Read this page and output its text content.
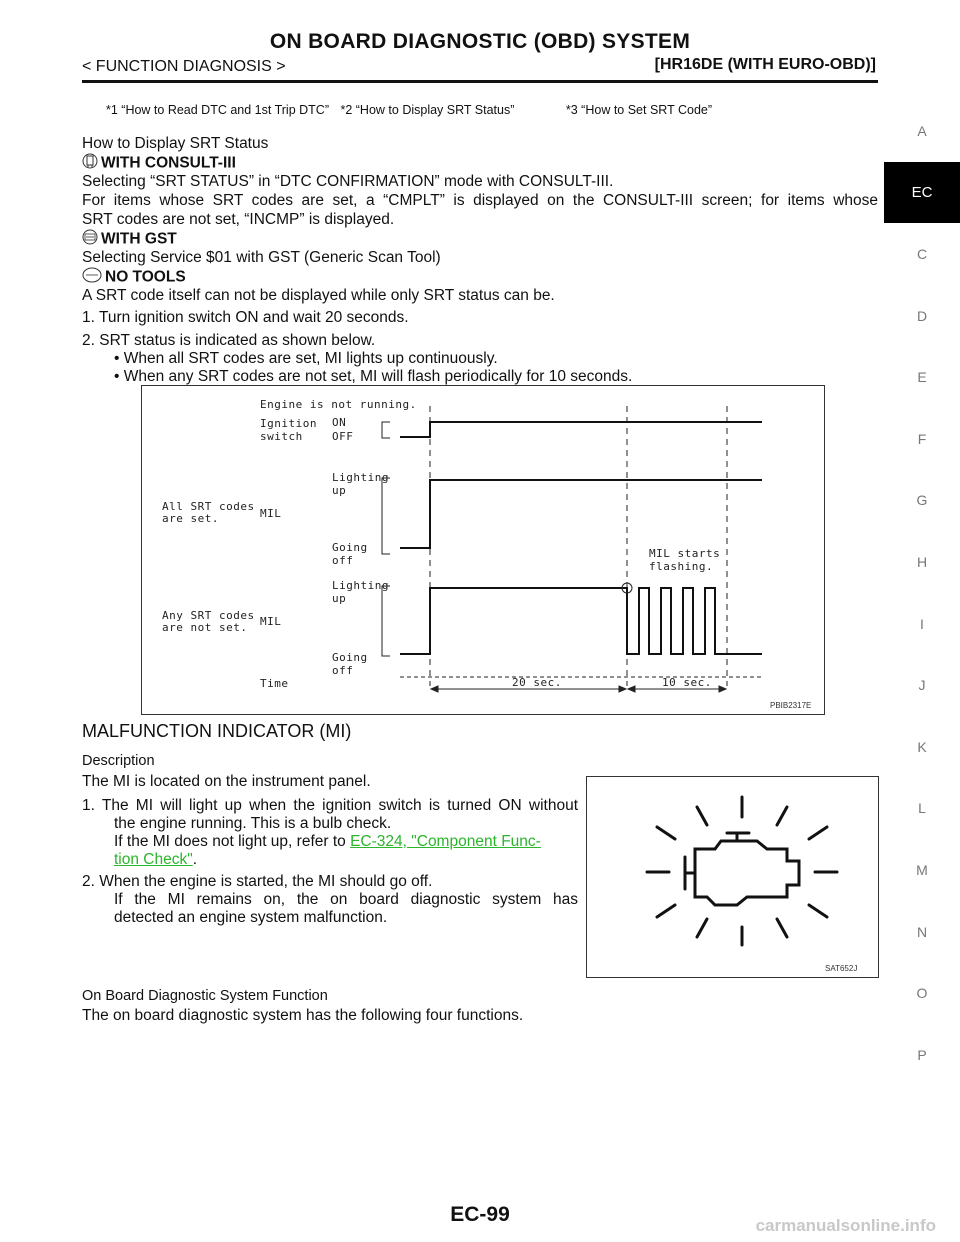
ON BOARD DIAGNOSTIC (OBD) SYSTEM
< FUNCTION DIAGNOSIS >	[HR16DE (WITH EURO-OBD)]
*1 “How to Read DTC and 1st Trip DTC” *2 “How to Display SRT Status”	*3 “How to Set SRT Code”
A
EC
C
D
E
F
G
H
I
J
K
L
M
N
O
P
How to Display SRT Status
WITH CONSULT-III
Selecting “SRT STATUS” in “DTC CONFIRMATION” mode with CONSULT-III.
For items whose SRT codes are set, a “CMPLT” is displayed on the CONSULT-III screen; for items whose
SRT codes are not set, “INCMP” is displayed.
WITH GST
Selecting Service $01 with GST (Generic Scan Tool)
NO TOOLS
A SRT code itself can not be displayed while only SRT status can be.
1. Turn ignition switch ON and wait 20 seconds.
2. SRT status is indicated as shown below.
• When all SRT codes are set, MI lights up continuously.
• When any SRT codes are not set, MI will flash periodically for 10 seconds.
Engine is not running.
Ignition
switch
ON
OFF
All SRT codes
are set.	MIL
Lighting
up
Going
off
Any SRT codes
are not set. MIL
Lighting
up
Going
off
MIL starts
flashing.
Time	20 sec.	10 sec.
PBIB2317E
MALFUNCTION INDICATOR (MI)
Description
The MI is located on the instrument panel.
1. The MI will light up when the ignition switch is turned ON without
the engine running. This is a bulb check.
If the MI does not light up, refer to EC-324, "Component Func-
tion Check".
2. When the engine is started, the MI should go off.
If the MI remains on, the on board diagnostic system has
detected an engine system malfunction.
SAT652J
On Board Diagnostic System Function
The on board diagnostic system has the following four functions.
EC-99	carmanualsonline.info
